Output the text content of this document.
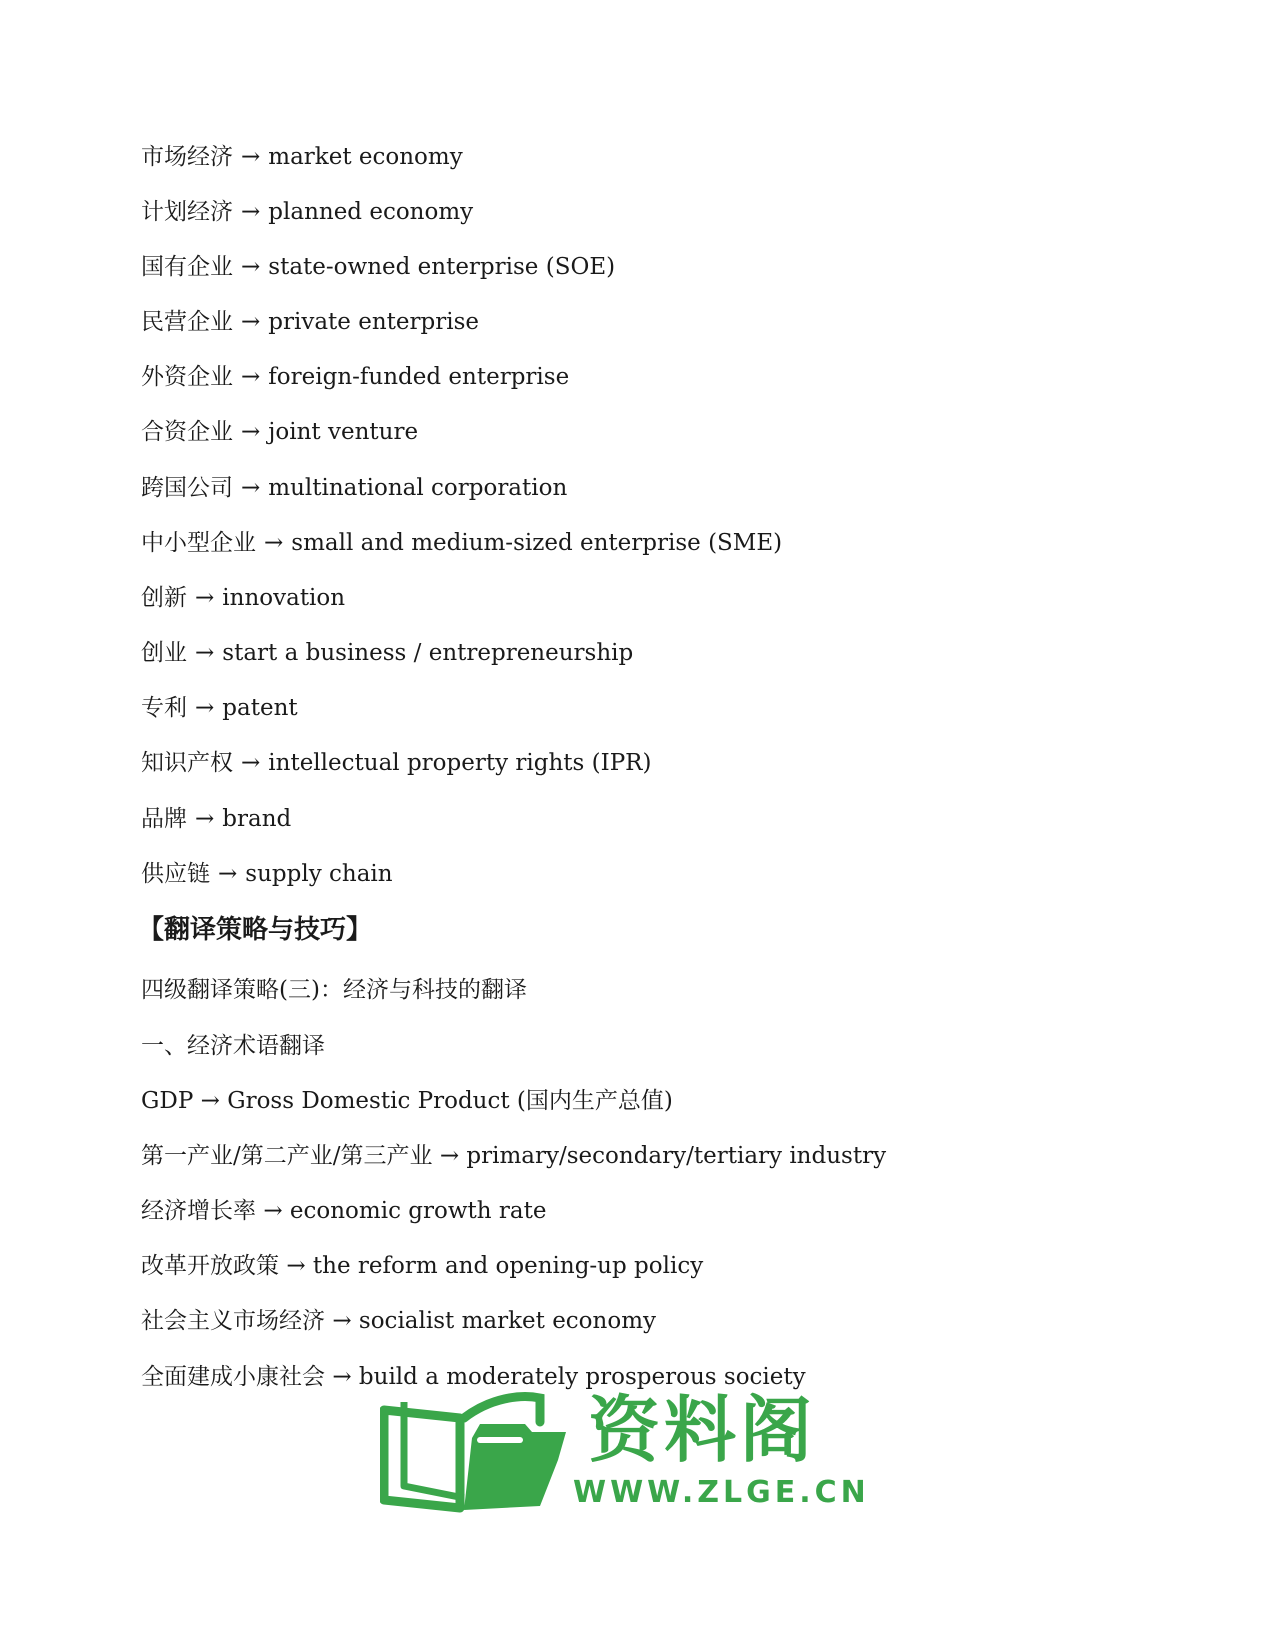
市场经济 → market economy
计划经济 → planned economy
国有企业 → state-owned enterprise (SOE)
民营企业 → private enterprise
外资企业 → foreign-funded enterprise
合资企业 → joint venture
跨国公司 → multinational corporation
中小型企业 → small and medium-sized enterprise (SME)
创新 → innovation
创业 → start a business / entrepreneurship
专利 → patent
知识产权 → intellectual property rights (IPR)
品牌 → brand
供应链 → supply chain
【翻译策略与技巧】
四级翻译策略(三)：经济与科技的翻译
一、经济术语翻译
GDP → Gross Domestic Product (国内生产总值)
第一产业/第二产业/第三产业 → primary/secondary/tertiary industry
经济增长率 → economic growth rate
改革开放政策 → the reform and opening-up policy
社会主义市场经济 → socialist market economy
全面建成小康社会 → build a moderately prosperous society
资料阁
WWW.ZLGE.CN
